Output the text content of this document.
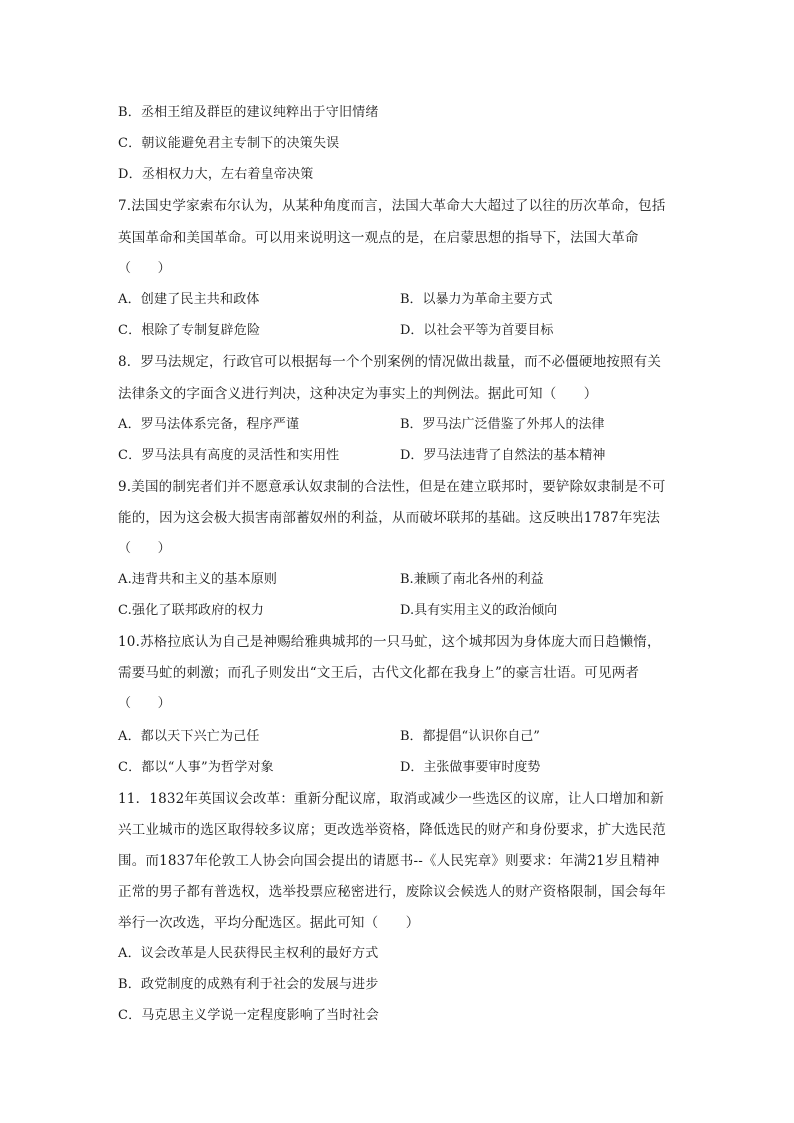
B．丞相王绾及群臣的建议纯粹出于守旧情绪
C．朝议能避免君主专制下的决策失误
D．丞相权力大，左右着皇帝决策
7.法国史学家索布尔认为，从某种角度而言，法国大革命大大超过了以往的历次革命，包括
英国革命和美国革命。可以用来说明这一观点的是，在启蒙思想的指导下，法国大革命
（　　）
A．创建了民主共和政体	B．以暴力为革命主要方式
C．根除了专制复辟危险	D．以社会平等为首要目标
8．罗马法规定，行政官可以根据每一个个别案例的情况做出裁量，而不必僵硬地按照有关
法律条文的字面含义进行判决，这种决定为事实上的判例法。据此可知（　　）
A．罗马法体系完备，程序严谨	B．罗马法广泛借鉴了外邦人的法律
C．罗马法具有高度的灵活性和实用性	D．罗马法违背了自然法的基本精神
9.美国的制宪者们并不愿意承认奴隶制的合法性，但是在建立联邦时，要铲除奴隶制是不可
能的，因为这会极大损害南部蓄奴州的利益，从而破坏联邦的基础。这反映出1787年宪法
（　　）
A.违背共和主义的基本原则	B.兼顾了南北各州的利益
C.强化了联邦政府的权力	D.具有实用主义的政治倾向
10.苏格拉底认为自己是神赐给雅典城邦的一只马虻，这个城邦因为身体庞大而日趋懒惰，
需要马虻的刺激；而孔子则发出“文王后，古代文化都在我身上”的豪言壮语。可见两者
（　　）
A．都以天下兴亡为己任	B．都提倡“认识你自己”
C．都以“人事”为哲学对象	D．主张做事要审时度势
11．1832年英国议会改革：重新分配议席，取消或减少一些选区的议席，让人口增加和新
兴工业城市的选区取得较多议席；更改选举资格，降低选民的财产和身份要求，扩大选民范
围。而1837年伦敦工人协会向国会提出的请愿书--《人民宪章》则要求：年满21岁且精神
正常的男子都有普选权，选举投票应秘密进行，废除议会候选人的财产资格限制，国会每年
举行一次改选，平均分配选区。据此可知（　　）
A．议会改革是人民获得民主权利的最好方式
B．政党制度的成熟有利于社会的发展与进步
C．马克思主义学说一定程度影响了当时社会
